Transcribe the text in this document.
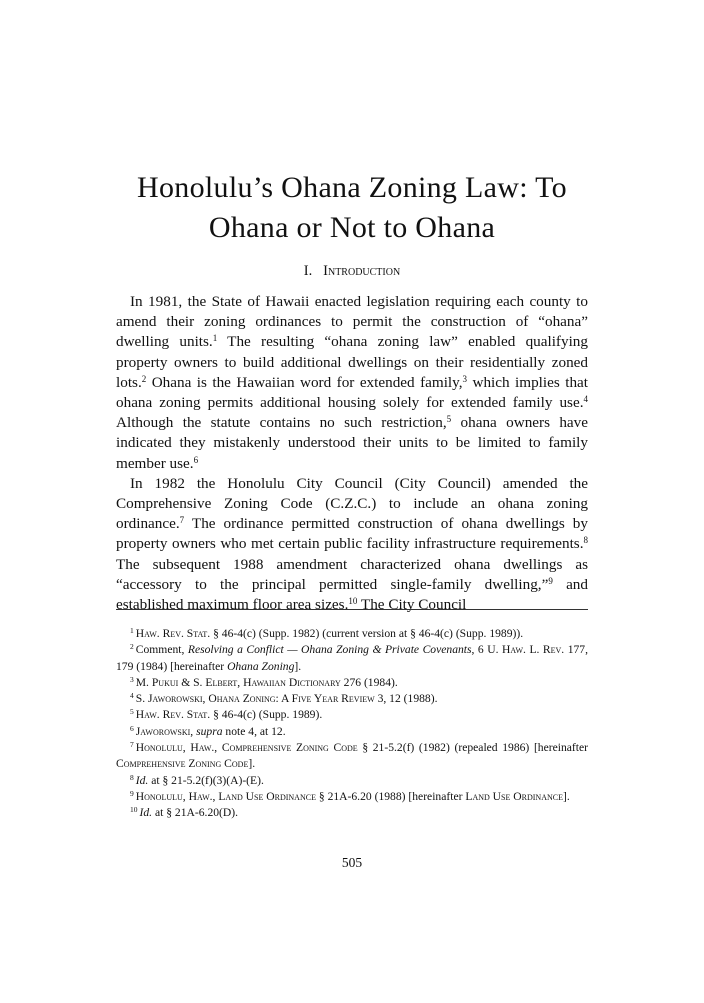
Honolulu’s Ohana Zoning Law: To
Ohana or Not to Ohana
I. Introduction

In 1981, the State of Hawaii enacted legislation requiring each county to amend their zoning ordinances to permit the construction of “ohana” dwelling units.$^1$ The resulting “ohana zoning law” enabled qualifying property owners to build additional dwellings on their residentially zoned lots.$^2$ Ohana is the Hawaiian word for extended family,$^3$ which implies that ohana zoning permits additional housing solely for extended family use.$^4$ Although the statute contains no such restriction,$^5$ ohana owners have indicated they mistakenly understood their units to be limited to family member use.$^6$

In 1982 the Honolulu City Council (City Council) amended the Comprehensive Zoning Code (C.Z.C.) to include an ohana zoning ordinance.$^7$ The ordinance permitted construction of ohana dwellings by property owners who met certain public facility infrastructure requirements.$^8$ The subsequent 1988 amendment characterized ohana dwellings as “accessory to the principal permitted single-family dwelling,”$^9$ and established maximum floor area sizes.$^{10}$ The City Council

$^1$ Haw. Rev. Stat. § 46-4(c) (Supp. 1982) (current version at § 46-4(c) (Supp. 1989)).

$^2$ Comment, Resolving a Conflict — Ohana Zoning & Private Covenants, 6 U. Haw. L. Rev. 177, 179 (1984) [hereinafter Ohana Zoning].

$^3$ M. Pukui & S. Elbert, Hawaiian Dictionary 276 (1984).

$^4$ S. Jaworowski, Ohana Zoning: A Five Year Review 3, 12 (1988).

$^5$ Haw. Rev. Stat. § 46-4(c) (Supp. 1989).

$^6$ Jaworowski, supra note 4, at 12.

$^7$ Honolulu, Haw., Comprehensive Zoning Code § 21-5.2(f) (1982) (repealed 1986) [hereinafter Comprehensive Zoning Code].

$^8$ Id. at § 21-5.2(f)(3)(A)-(E).

$^9$ Honolulu, Haw., Land Use Ordinance § 21A-6.20 (1988) [hereinafter Land Use Ordinance].

$^{10}$ Id. at § 21A-6.20(D).

505
